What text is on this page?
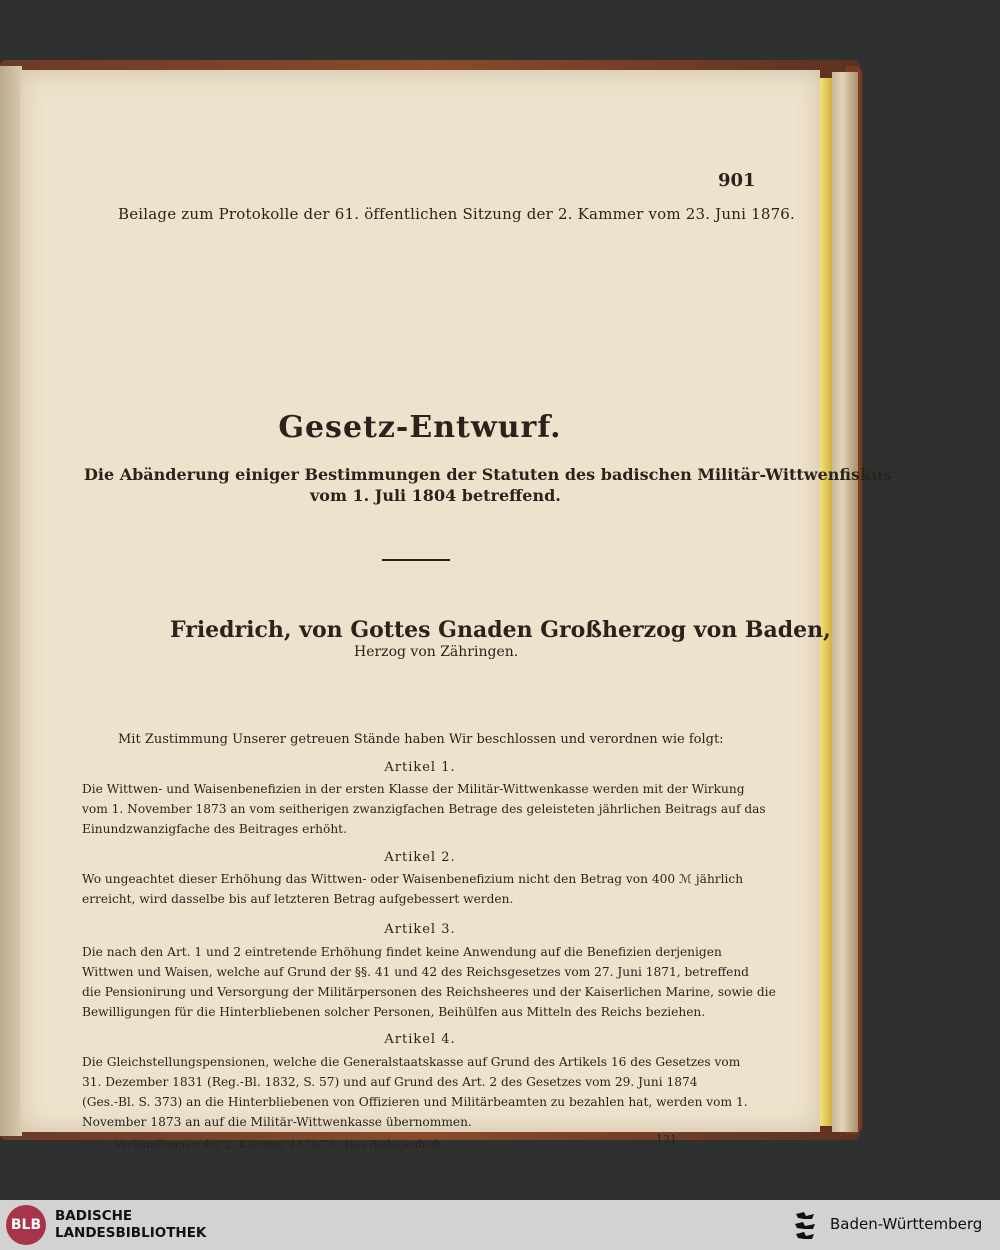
901
Beilage zum Protokolle der 61. öffentlichen Sitzung der 2. Kammer vom 23. Juni 1876.
Gesetz-Entwurf.
Die Abänderung einiger Bestimmungen der Statuten des badischen Militär-Wittwenfiskus
vom 1. Juli 1804 betreffend.
Friedrich, von Gottes Gnaden Großherzog von Baden,
Herzog von Zähringen.
Mit Zustimmung Unserer getreuen Stände haben Wir beschlossen und verordnen wie folgt:
Artikel 1.
Die Wittwen- und Waisenbenefizien in der ersten Klasse der Militär-Wittwenkasse werden mit der Wirkung
vom 1. November 1873 an vom seitherigen zwanzigfachen Betrage des geleisteten jährlichen Beitrags auf das
Einundzwanzigfache des Beitrages erhöht.
Artikel 2.
Wo ungeachtet dieser Erhöhung das Wittwen- oder Waisenbenefizium nicht den Betrag von 400 ℳ jährlich
erreicht, wird dasselbe bis auf letzteren Betrag aufgebessert werden.
Artikel 3.
Die nach den Art. 1 und 2 eintretende Erhöhung findet keine Anwendung auf die Benefizien derjenigen
Wittwen und Waisen, welche auf Grund der §§. 41 und 42 des Reichsgesetzes vom 27. Juni 1871, betreffend
die Pensionirung und Versorgung der Militärpersonen des Reichsheeres und der Kaiserlichen Marine, sowie die
Bewilligungen für die Hinterbliebenen solcher Personen, Beihülfen aus Mitteln des Reichs beziehen.
Artikel 4.
Die Gleichstellungspensionen, welche die Generalstaatskasse auf Grund des Artikels 16 des Gesetzes vom
31. Dezember 1831 (Reg.-Bl. 1832, S. 57) und auf Grund des Art. 2 des Gesetzes vom 29. Juni 1874
(Ges.-Bl. S. 373) an die Hinterbliebenen von Offizieren und Militärbeamten zu bezahlen hat, werden vom 1.
November 1873 an auf die Militär-Wittwenkasse übernommen.
Verhandlungen der 2. Kammer 1875/76. 4tes Beilagenheft.	131
BLB
BADISCHE
LANDESBIBLIOTHEK	Baden-Württemberg
